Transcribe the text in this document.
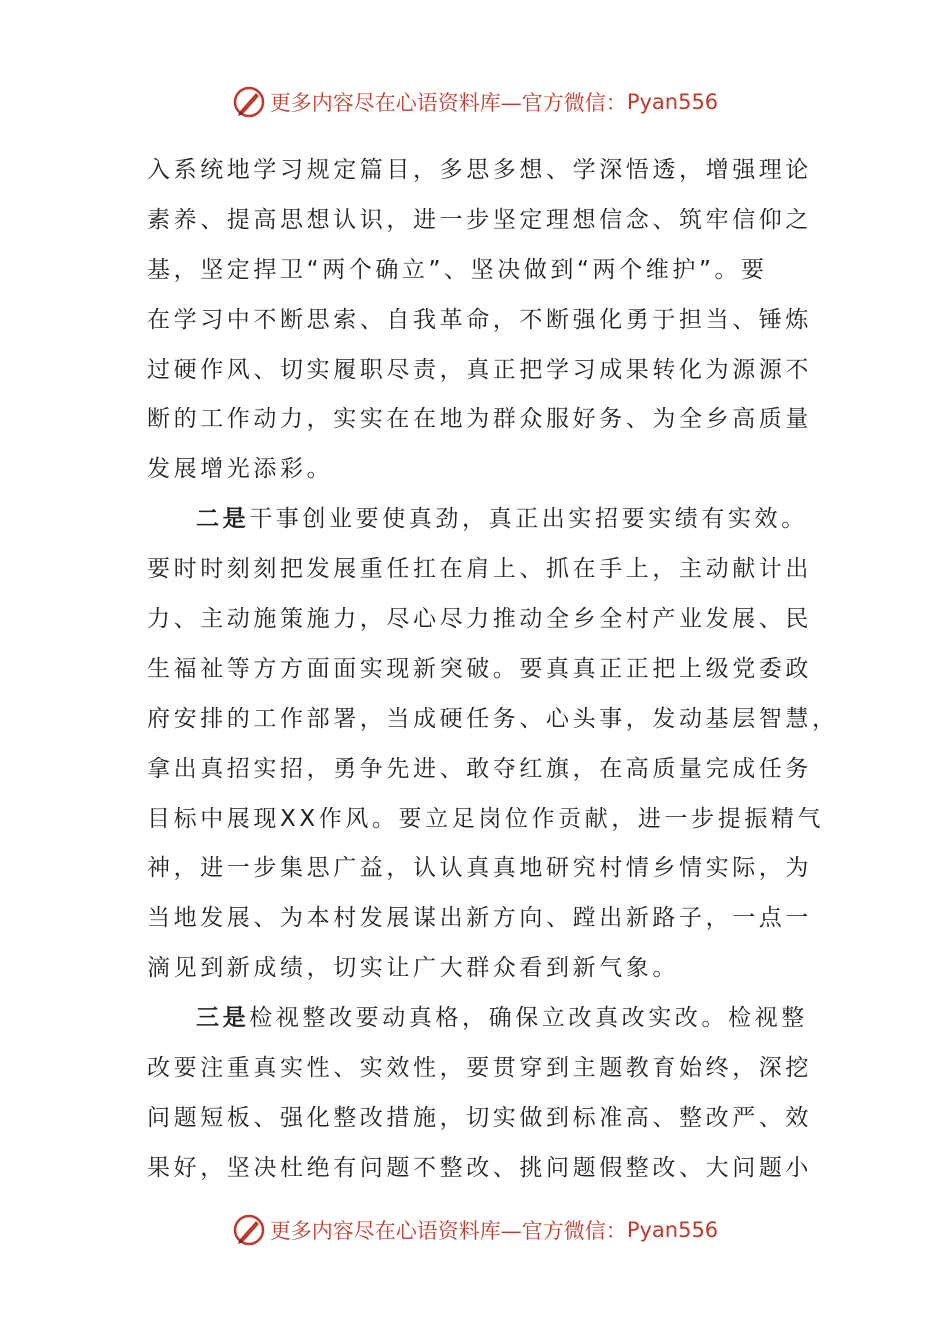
更多内容尽在心语资料库—官方微信： Pyan556
入系统地学习规定篇目，多思多想、学深悟透，增强理论
素养、提高思想认识，进一步坚定理想信念、筑牢信仰之
基，坚定捍卫“两个确立”、坚决做到“两个维护”。要
在学习中不断思索、自我革命，不断强化勇于担当、锤炼
过硬作风、切实履职尽责，真正把学习成果转化为源源不
断的工作动力，实实在在地为群众服好务、为全乡高质量
发展增光添彩。
二是干事创业要使真劲，真正出实招要实绩有实效。
要时时刻刻把发展重任扛在肩上、抓在手上，主动献计出
力、主动施策施力，尽心尽力推动全乡全村产业发展、民
生福祉等方方面面实现新突破。要真真正正把上级党委政
府安排的工作部署，当成硬任务、心头事，发动基层智慧，
拿出真招实招，勇争先进、敢夺红旗，在高质量完成任务
目标中展现XX作风。要立足岗位作贡献，进一步提振精气
神，进一步集思广益，认认真真地研究村情乡情实际，为
当地发展、为本村发展谋出新方向、蹚出新路子，一点一
滴见到新成绩，切实让广大群众看到新气象。
三是检视整改要动真格，确保立改真改实改。检视整
改要注重真实性、实效性，要贯穿到主题教育始终，深挖
问题短板、强化整改措施，切实做到标准高、整改严、效
果好，坚决杜绝有问题不整改、挑问题假整改、大问题小
更多内容尽在心语资料库—官方微信： Pyan556
